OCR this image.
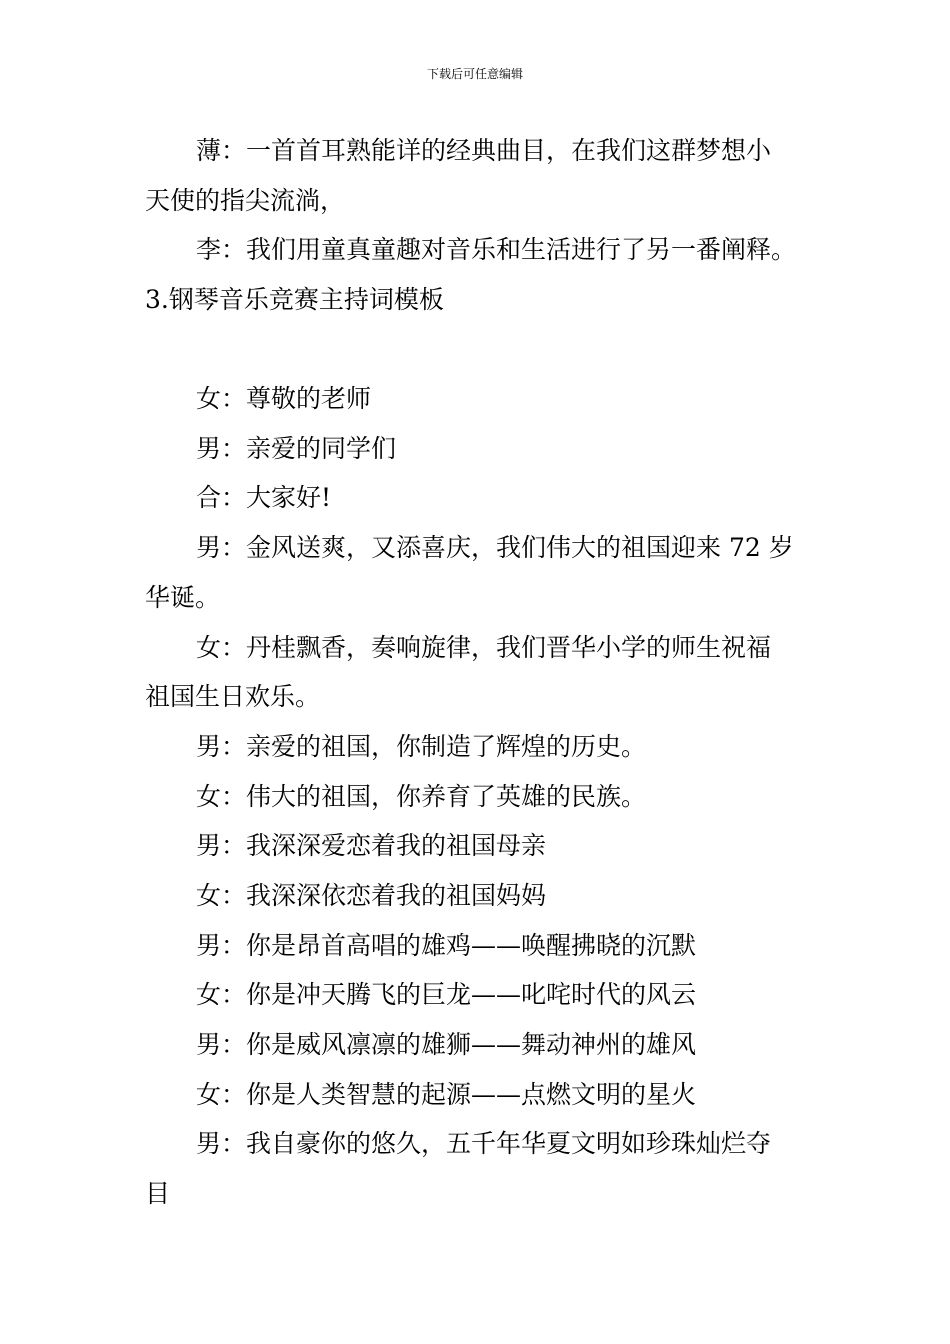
下载后可任意编辑
薄：一首首耳熟能详的经典曲目，在我们这群梦想小
天使的指尖流淌，
李：我们用童真童趣对音乐和生活进行了另一番阐释。
3.钢琴音乐竞赛主持词模板
女：尊敬的老师
男：亲爱的同学们
合：大家好!
男：金风送爽，又添喜庆，我们伟大的祖国迎来 72 岁
华诞。
女：丹桂飘香，奏响旋律，我们晋华小学的师生祝福
祖国生日欢乐。
男：亲爱的祖国，你制造了辉煌的历史。
女：伟大的祖国，你养育了英雄的民族。
男：我深深爱恋着我的祖国母亲
女：我深深依恋着我的祖国妈妈
男：你是昂首高唱的雄鸡——唤醒拂晓的沉默
女：你是冲天腾飞的巨龙——叱咤时代的风云
男：你是威风凛凛的雄狮——舞动神州的雄风
女：你是人类智慧的起源——点燃文明的星火
男：我自豪你的悠久，五千年华夏文明如珍珠灿烂夺
目
